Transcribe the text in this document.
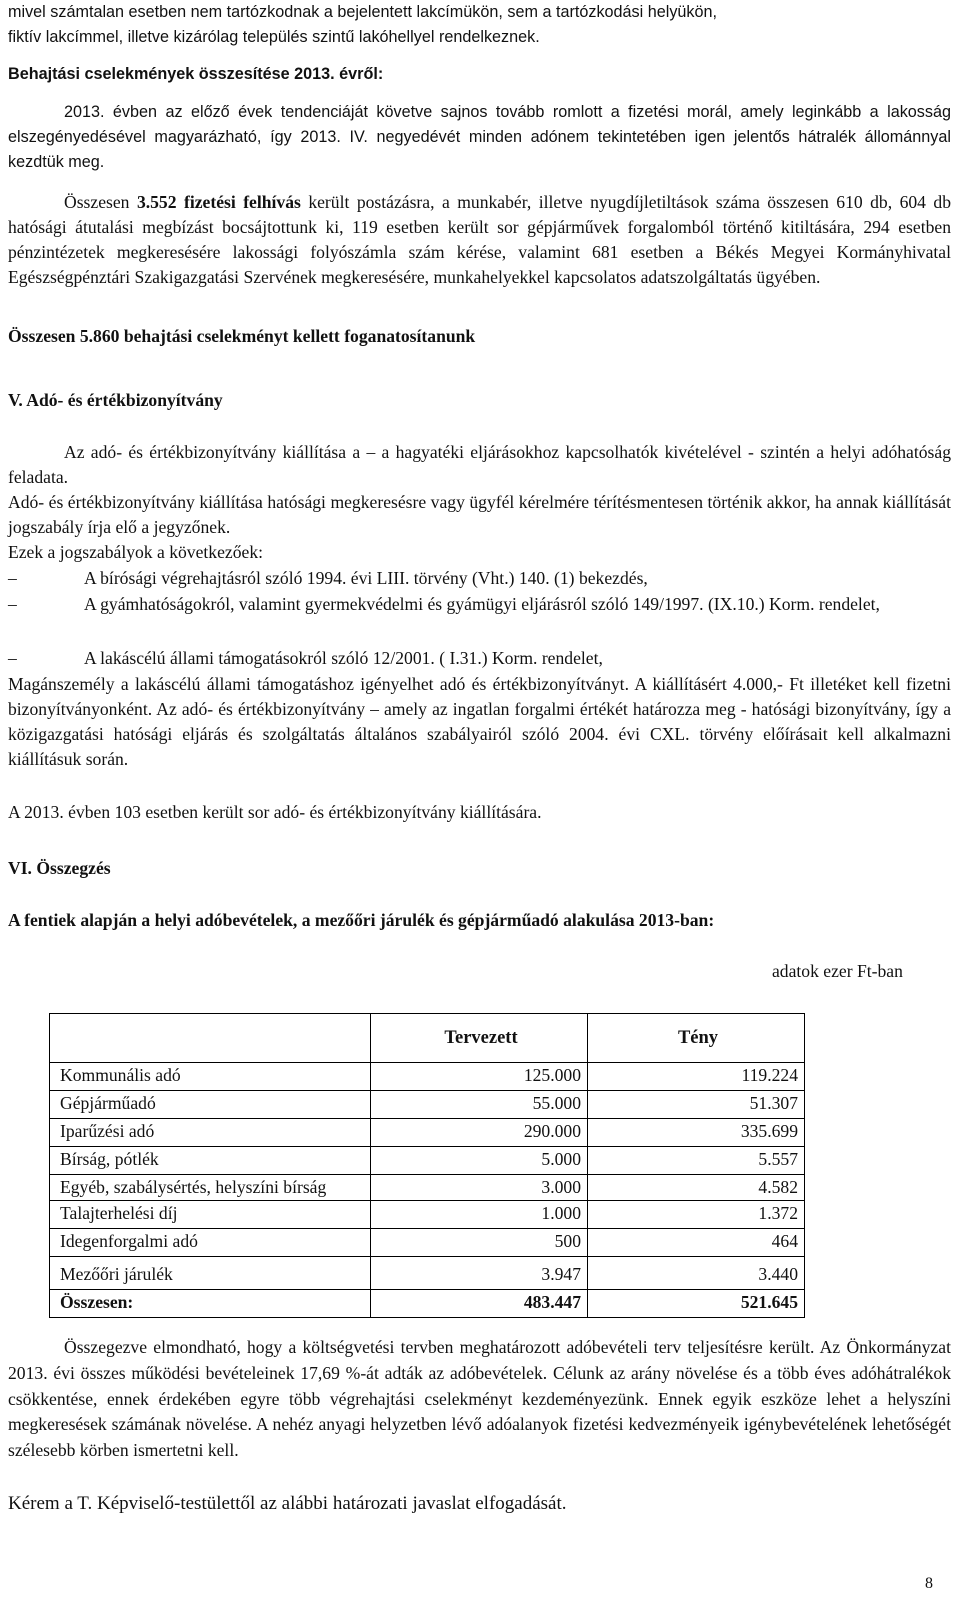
mivel számtalan esetben nem tartózkodnak a bejelentett lakcímükön, sem a tartózkodási helyükön,
fiktív lakcímmel, illetve kizárólag település szintű lakóhellyel rendelkeznek.
Behajtási cselekmények összesítése 2013. évről:

2013. évben az előző évek tendenciáját követve sajnos tovább romlott a fizetési morál, amely leginkább a lakosság elszegényedésével magyarázható, így 2013. IV. negyedévét minden adónem tekintetében igen jelentős hátralék állománnyal kezdtük meg.

Összesen 3.552 fizetési felhívás került postázásra, a munkabér, illetve nyugdíjletiltások száma összesen 610 db, 604 db hatósági átutalási megbízást bocsájtottunk ki, 119 esetben került sor gépjárművek forgalomból történő kitiltására, 294 esetben pénzintézetek megkeresésére lakossági folyószámla szám kérése, valamint 681 esetben a Békés Megyei Kormányhivatal Egészségpénztári Szakigazgatási Szervének megkeresésére, munkahelyekkel kapcsolatos adatszolgáltatás ügyében.

Összesen 5.860 behajtási cselekményt kellett foganatosítanunk
V. Adó- és értékbizonyítvány

Az adó- és értékbizonyítvány kiállítása a – a hagyatéki eljárásokhoz kapcsolhatók kivételével - szintén a helyi adóhatóság feladata.

Adó- és értékbizonyítvány kiállítása hatósági megkeresésre vagy ügyfél kérelmére térítésmentesen történik akkor, ha annak kiállítását jogszabály írja elő a jegyzőnek.

Ezek a jogszabályok a következőek:
–	A bírósági végrehajtásról szóló 1994. évi LIII. törvény (Vht.) 140. (1) bekezdés,
–	A gyámhatóságokról, valamint gyermekvédelmi és gyámügyi eljárásról szóló 149/1997. (IX.10.) Korm. rendelet,
–	A lakáscélú állami támogatásokról szóló 12/2001. ( I.31.) Korm. rendelet,

Magánszemély a lakáscélú állami támogatáshoz igényelhet adó és értékbizonyítványt. A kiállításért 4.000,- Ft illetéket kell fizetni bizonyítványonként. Az adó- és értékbizonyítvány – amely az ingatlan forgalmi értékét határozza meg - hatósági bizonyítvány, így a közigazgatási hatósági eljárás és szolgáltatás általános szabályairól szóló 2004. évi CXL. törvény előírásait kell alkalmazni kiállításuk során.

A 2013. évben 103 esetben került sor adó- és értékbizonyítvány kiállítására.
VI. Összegzés
A fentiek alapján a helyi adóbevételek, a mezőőri járulék és gépjárműadó alakulása 2013-ban:
adatok ezer Ft-ban
	Tervezett	Tény
Kommunális adó	125.000	119.224
Gépjárműadó	55.000	51.307
Iparűzési adó	290.000	335.699
Bírság, pótlék	5.000	5.557
Egyéb, szabálysértés, helyszíni bírság	3.000	4.582
Talajterhelési díj	1.000	1.372
Idegenforgalmi adó	500	464
Mezőőri járulék	3.947	3.440
Összesen:	483.447	521.645

Összegezve elmondható, hogy a költségvetési tervben meghatározott adóbevételi terv teljesítésre került. Az Önkormányzat 2013. évi összes működési bevételeinek 17,69 %-át adták az adóbevételek. Célunk az arány növelése és a több éves adóhátralékok csökkentése, ennek érdekében egyre több végrehajtási cselekményt kezdeményezünk. Ennek egyik eszköze lehet a helyszíni megkeresések számának növelése. A nehéz anyagi helyzetben lévő adóalanyok fizetési kedvezményeik igénybevételének lehetőségét szélesebb körben ismertetni kell.

Kérem a T. Képviselő-testülettől az alábbi határozati javaslat elfogadását.
8
